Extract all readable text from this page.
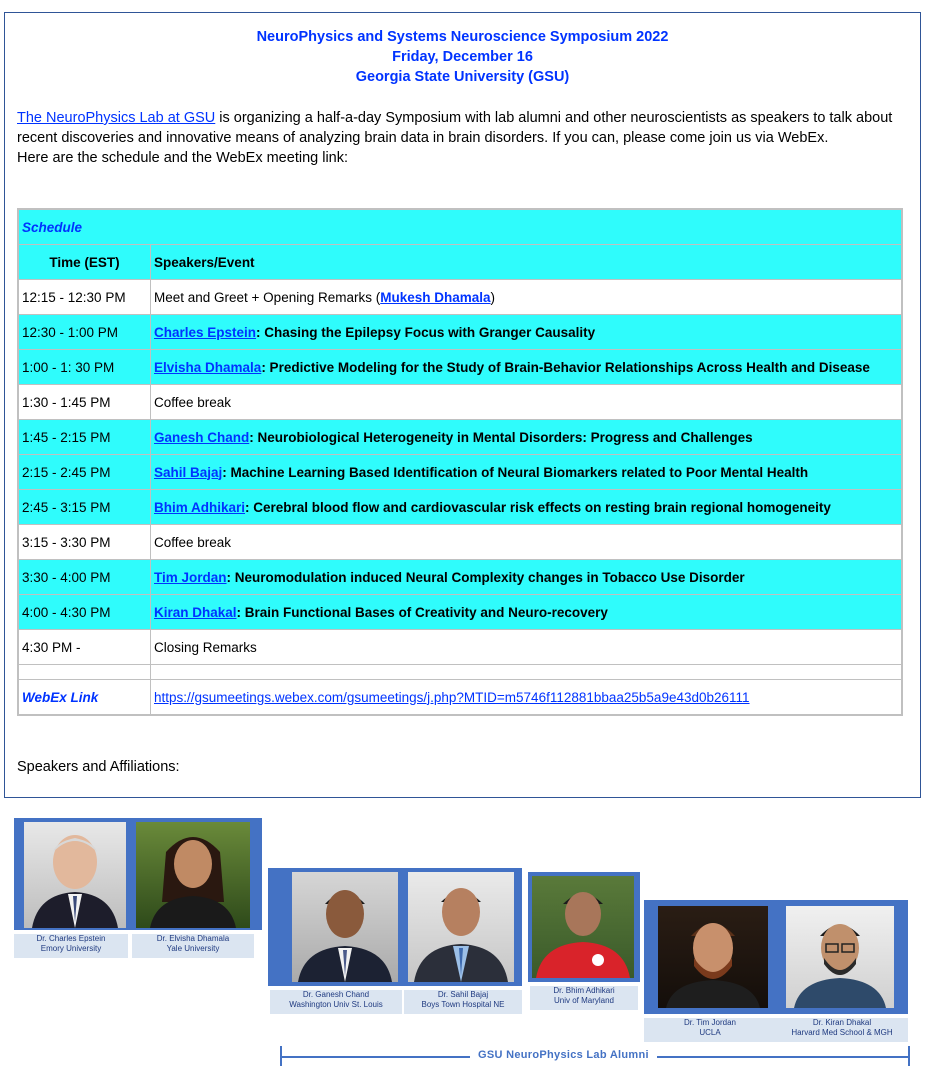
NeuroPhysics and Systems Neuroscience Symposium 2022
Friday, December 16
Georgia State University (GSU)
The NeuroPhysics Lab at GSU is organizing a half-a-day Symposium with lab alumni and other neuroscientists as speakers to talk about recent discoveries and innovative means of analyzing brain data in brain disorders. If you can, please come join us via WebEx.
Here are the schedule and the WebEx meeting link:
Schedule	
Time (EST)	Speakers/Event
12:15 - 12:30 PM	Meet and Greet + Opening Remarks (Mukesh Dhamala)
12:30 - 1:00 PM	Charles Epstein: Chasing the Epilepsy Focus with Granger Causality
1:00 - 1: 30 PM	Elvisha Dhamala: Predictive Modeling for the Study of Brain-Behavior Relationships Across Health and Disease
1:30 - 1:45 PM	Coffee break
1:45 - 2:15 PM	Ganesh Chand: Neurobiological Heterogeneity in Mental Disorders: Progress and Challenges
2:15 - 2:45 PM	Sahil Bajaj: Machine Learning Based Identification of Neural Biomarkers related to Poor Mental Health
2:45 - 3:15 PM	Bhim Adhikari: Cerebral blood flow and cardiovascular risk effects on resting brain regional homogeneity
3:15 - 3:30 PM	Coffee break
3:30 - 4:00 PM	Tim Jordan: Neuromodulation induced Neural Complexity changes in Tobacco Use Disorder
4:00 - 4:30 PM	Kiran Dhakal: Brain Functional Bases of Creativity and Neuro-recovery
4:30 PM -	Closing Remarks

WebEx Link	https://gsumeetings.webex.com/gsumeetings/j.php?MTID=m5746f112881bbaa25b5a9e43d0b26111
Speakers and Affiliations:
Dr. Charles Epstein
Emory University
Dr. Elvisha Dhamala
Yale University
Dr. Ganesh Chand
Washington Univ St. Louis
Dr. Sahil Bajaj
Boys Town Hospital NE
Dr. Bhim Adhikari
Univ of Maryland
Dr. Tim Jordan
UCLA
Dr. Kiran Dhakal
Harvard Med School & MGH
GSU NeuroPhysics Lab Alumni
